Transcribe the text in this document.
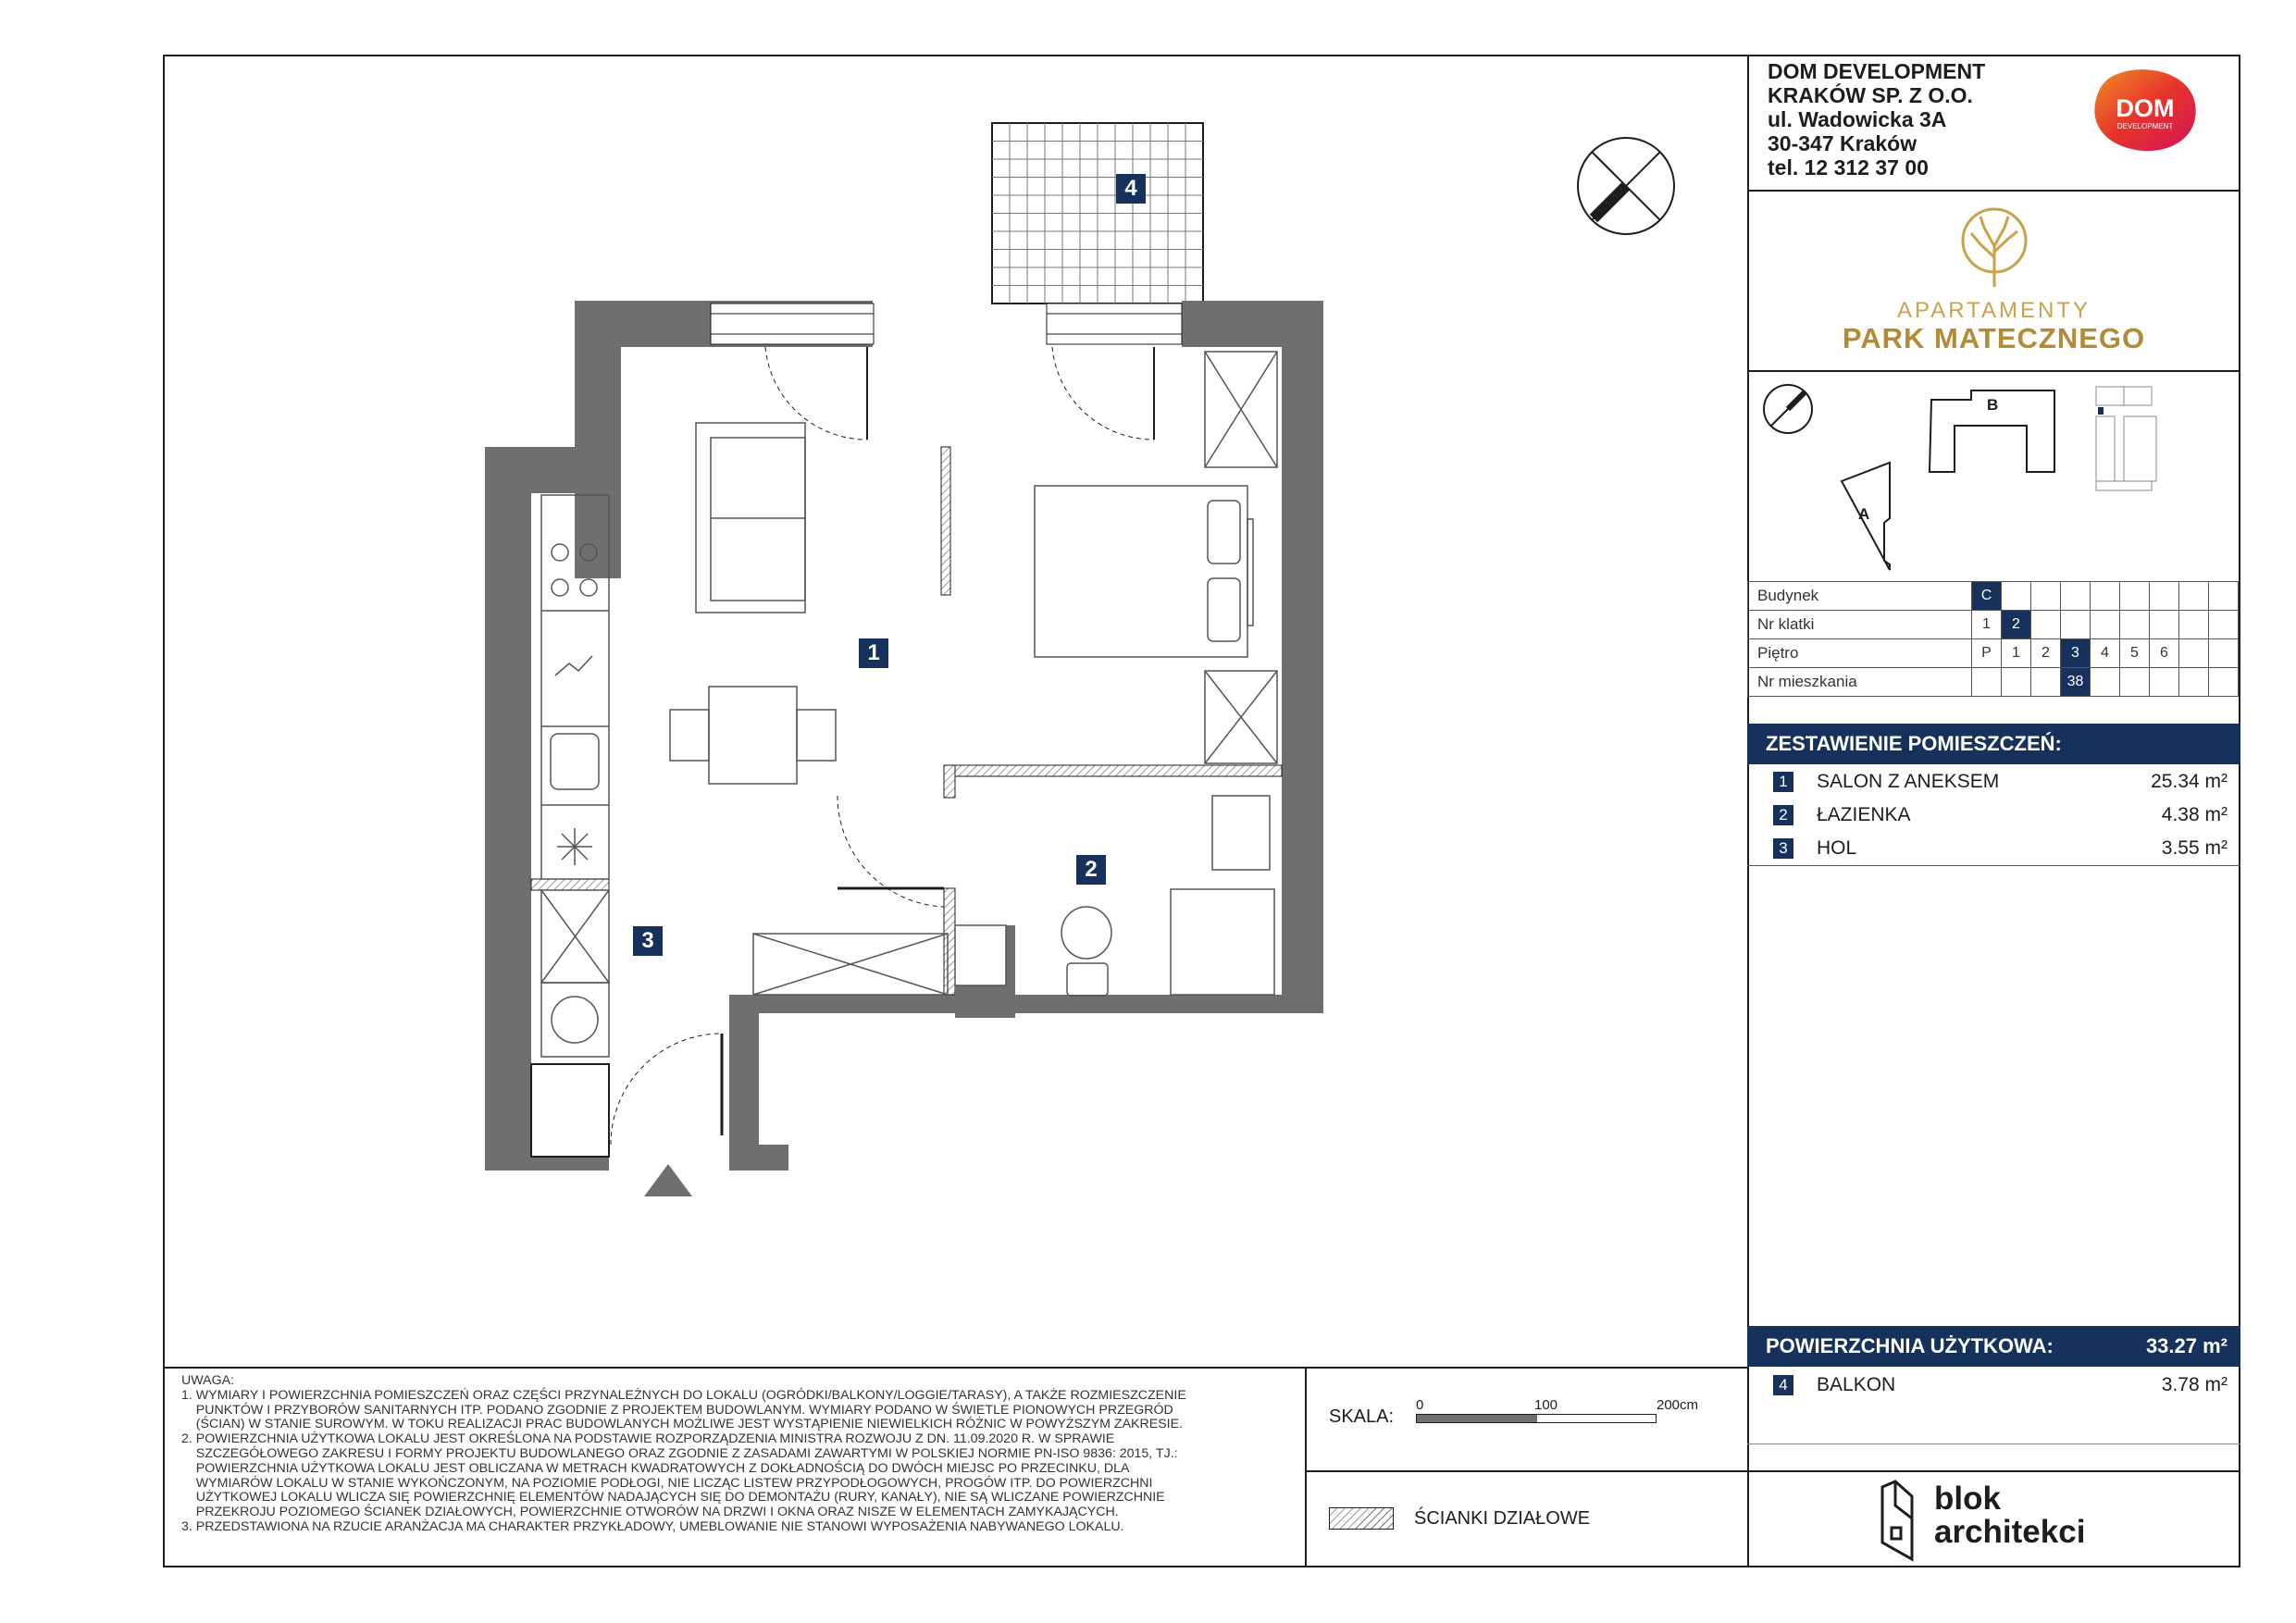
DOM DEVELOPMENT
KRAKÓW SP. Z O.O.
ul. Wadowicka 3A
30-347 Kraków
tel. 12 312 37 00
DOM
DEVELOPMENT
APARTAMENTY
PARK MATECZNEGO
B
A
Budynek	C								
Nr klatki	1	2							
Piętro	P	1	2	3	4	5	6		
Nr mieszkania				38					
ZESTAWIENIE POMIESZCZEŃ:
1 SALON Z ANEKSEM	25.34 m²
2 ŁAZIENKA	4.38 m²
3 HOL	3.55 m²
POWIERZCHNIA UŻYTKOWA:	33.27 m²
4 BALKON	3.78 m²
blok
architekci

UWAGA:

1. WYMIARY I POWIERZCHNIA POMIESZCZEŃ ORAZ CZĘŚCI PRZYNALEŻNYCH DO LOKALU (OGRÓDKI/BALKONY/LOGGIE/TARASY), A TAKŻE ROZMIESZCZENIE

PUNKTÓW I PRZYBORÓW SANITARNYCH ITP. PODANO ZGODNIE Z PROJEKTEM BUDOWLANYM. WYMIARY PODANO W ŚWIETLE PIONOWYCH PRZEGRÓD

(ŚCIAN) W STANIE SUROWYM. W TOKU REALIZACJI PRAC BUDOWLANYCH MOŻLIWE JEST WYSTĄPIENIE NIEWIELKICH RÓŻNIC W POWYŻSZYM ZAKRESIE.

2. POWIERZCHNIA UŻYTKOWA LOKALU JEST OKREŚLONA NA PODSTAWIE ROZPORZĄDZENIA MINISTRA ROZWOJU Z DN. 11.09.2020 R. W SPRAWIE

SZCZEGÓŁOWEGO ZAKRESU I FORMY PROJEKTU BUDOWLANEGO ORAZ ZGODNIE Z ZASADAMI ZAWARTYMI W POLSKIEJ NORMIE PN-ISO 9836: 2015, TJ.:

POWIERZCHNIA UŻYTKOWA LOKALU JEST OBLICZANA W METRACH KWADRATOWYCH Z DOKŁADNOŚCIĄ DO DWÓCH MIEJSC PO PRZECINKU, DLA

WYMIARÓW LOKALU W STANIE WYKOŃCZONYM, NA POZIOMIE PODŁOGI, NIE LICZĄC LISTEW PRZYPODŁOGOWYCH, PROGÓW ITP. DO POWIERZCHNI

UŻYTKOWEJ LOKALU WLICZA SIĘ POWIERZCHNIĘ ELEMENTÓW NADAJĄCYCH SIĘ DO DEMONTAŻU (RURY, KANAŁY), NIE SĄ WLICZANE POWIERZCHNIE

PRZEKROJU POZIOMEGO ŚCIANEK DZIAŁOWYCH, POWIERZCHNIE OTWORÓW NA DRZWI I OKNA ORAZ NISZE W ELEMENTACH ZAMYKAJĄCYCH.

3. PRZEDSTAWIONA NA RZUCIE ARANŻACJA MA CHARAKTER PRZYKŁADOWY, UMEBLOWANIE NIE STANOWI WYPOSAŻENIA NABYWANEGO LOKALU.

SKALA:
0	100	200cm
ŚCIANKI DZIAŁOWE
4
1
2
3
